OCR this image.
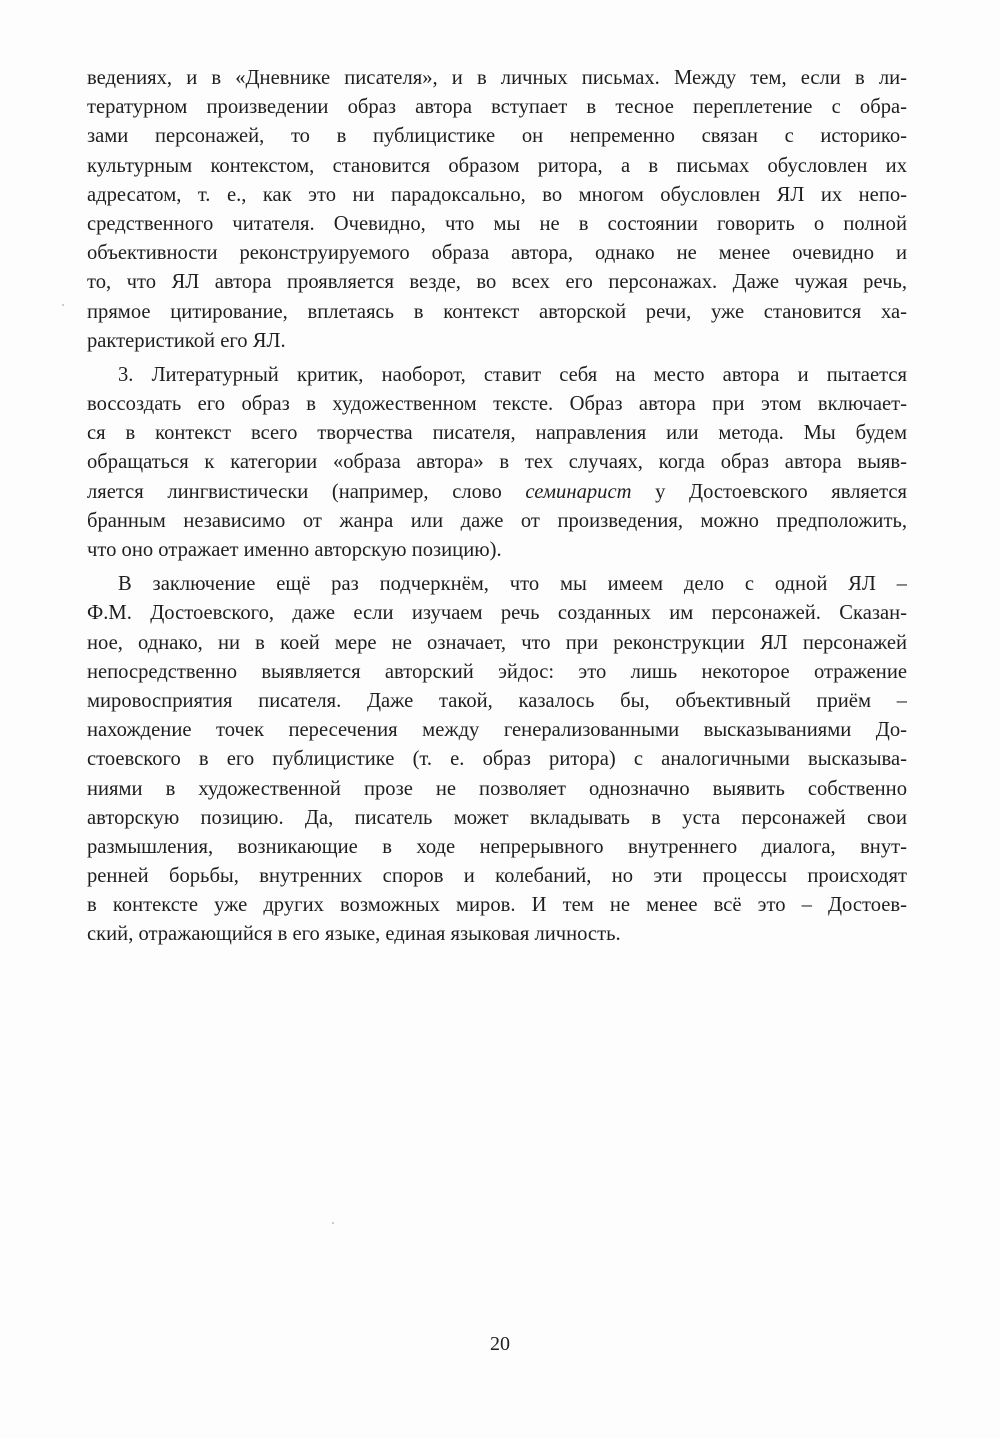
ведениях, и в «Дневнике писателя», и в личных письмах. Между тем, если в ли-
тературном произведении образ автора вступает в тесное переплетение с обра-
зами персонажей, то в публицистике он непременно связан с историко-
культурным контекстом, становится образом ритора, а в письмах обусловлен их
адресатом, т. е., как это ни парадоксально, во многом обусловлен ЯЛ их непо-
средственного читателя. Очевидно, что мы не в состоянии говорить о полной
объективности реконструируемого образа автора, однако не менее очевидно и
то, что ЯЛ автора проявляется везде, во всех его персонажах. Даже чужая речь,
прямое цитирование, вплетаясь в контекст авторской речи, уже становится ха-
рактеристикой его ЯЛ.
3. Литературный критик, наоборот, ставит себя на место автора и пытается
воссоздать его образ в художественном тексте. Образ автора при этом включает-
ся в контекст всего творчества писателя, направления или метода. Мы будем
обращаться к категории «образа автора» в тех случаях, когда образ автора выяв-
ляется лингвистически (например, слово семинарист у Достоевского является
бранным независимо от жанра или даже от произведения, можно предположить,
что оно отражает именно авторскую позицию).
В заключение ещё раз подчеркнём, что мы имеем дело с одной ЯЛ –
Ф.М. Достоевского, даже если изучаем речь созданных им персонажей. Сказан-
ное, однако, ни в коей мере не означает, что при реконструкции ЯЛ персонажей
непосредственно выявляется авторский эйдос: это лишь некоторое отражение
мировосприятия писателя. Даже такой, казалось бы, объективный приём –
нахождение точек пересечения между генерализованными высказываниями До-
стоевского в его публицистике (т. е. образ ритора) с аналогичными высказыва-
ниями в художественной прозе не позволяет однозначно выявить собственно
авторскую позицию. Да, писатель может вкладывать в уста персонажей свои
размышления, возникающие в ходе непрерывного внутреннего диалога, внут-
ренней борьбы, внутренних споров и колебаний, но эти процессы происходят
в контексте уже других возможных миров. И тем не менее всё это – Достоев-
ский, отражающийся в его языке, единая языковая личность.
20
